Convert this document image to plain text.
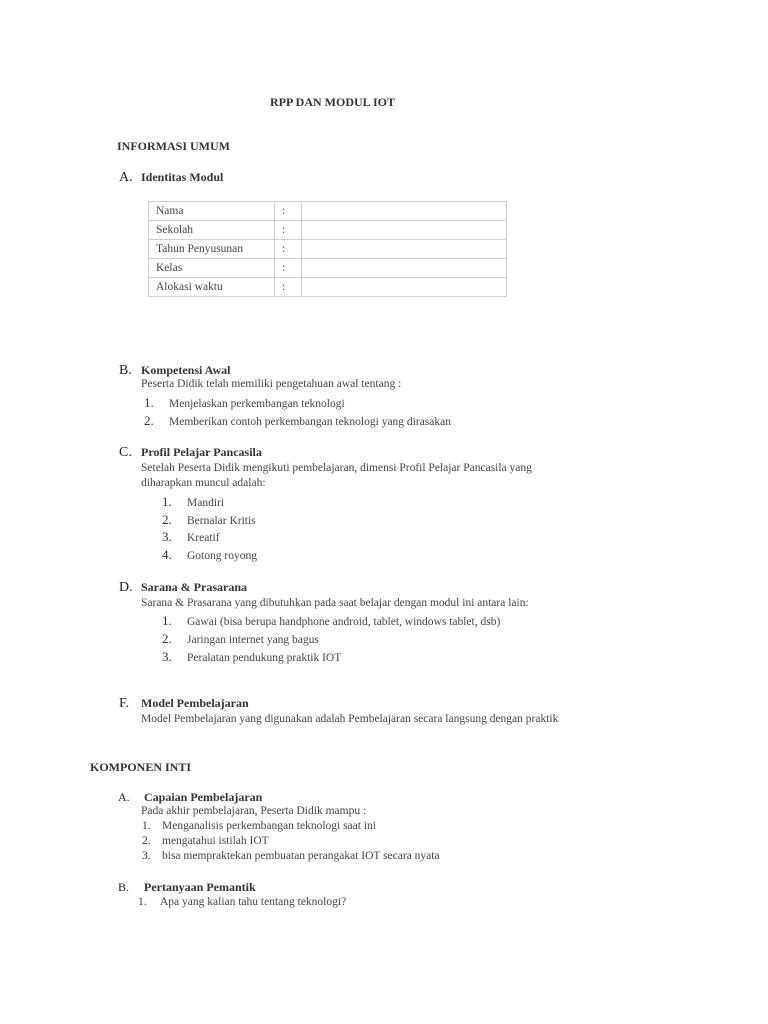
RPP DAN MODUL IOT
INFORMASI UMUM
A. Identitas Modul
Nama	:	
Sekolah	:	
Tahun Penyusunan	:	
Kelas	:	
Alokasi waktu	:	
B. Kompetensi Awal
Peserta Didik telah memiliki pengetahuan awal tentang :
1. Menjelaskan perkembangan teknologi
2. Memberikan contoh perkembangan teknologi yang dirasakan
C. Profil Pelajar Pancasila
Setelah Peserta Didik mengikuti pembelajaran, dimensi Profil Pelajar Pancasila yang
diharapkan muncul adalah:
1. Mandiri
2. Bernalar Kritis
3. Kreatif
4. Gotong royong
D. Sarana & Prasarana
Sarana & Prasarana yang dibutuhkan pada saat belajar dengan modul ini antara lain:
1. Gawai (bisa berupa handphone android, tablet, windows tablet, dsb)
2. Jaringan internet yang bagus
3. Peralatan pendukung praktik IOT
F. Model Pembelajaran
Model Pembelajaran yang digunakan adalah Pembelajaran secara langsung dengan praktik
KOMPONEN INTI
A. Capaian Pembelajaran
Pada akhir pembelajaran, Peserta Didik mampu :
1. Menganalisis perkembangan teknologi saat ini
2. mengatahui istilah IOT
3. bisa mempraktekan pembuatan perangakat IOT secara nyata
B. Pertanyaan Pemantik
1. Apa yang kalian tahu tentang teknologi?
